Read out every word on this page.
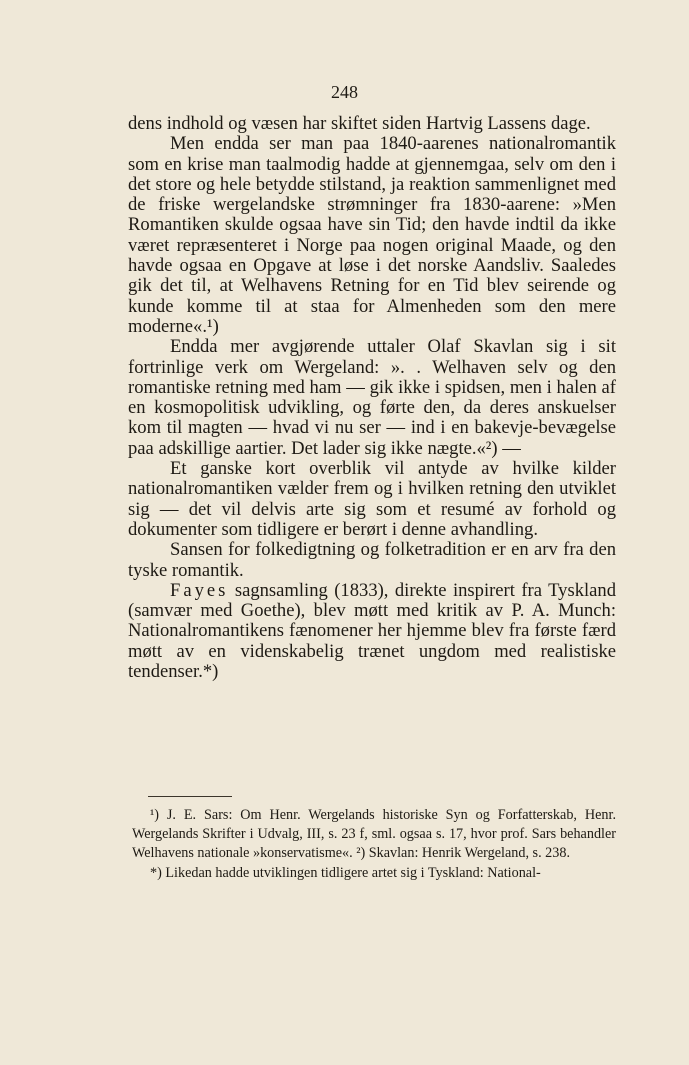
248

dens indhold og væsen har skiftet siden Hartvig Lassens dage.

Men endda ser man paa 1840-aarenes nationalromantik som en krise man taalmodig hadde at gjennemgaa, selv om den i det store og hele betydde stilstand, ja reaktion sammenlignet med de friske wergelandske strømninger fra 1830-aarene: »Men Romantiken skulde ogsaa have sin Tid; den havde indtil da ikke været repræsenteret i Norge paa nogen original Maade, og den havde ogsaa en Opgave at løse i det norske Aandsliv. Saaledes gik det til, at Welhavens Retning for en Tid blev seirende og kunde komme til at staa for Almenheden som den mere moderne«.¹)

Endda mer avgjørende uttaler Olaf Skavlan sig i sit fortrinlige verk om Wergeland: ». . Welhaven selv og den romantiske retning med ham — gik ikke i spidsen, men i halen af en kosmopolitisk udvikling, og førte den, da deres anskuelser kom til magten — hvad vi nu ser — ind i en bakevje-bevægelse paa adskillige aartier. Det lader sig ikke nægte.«²) —

Et ganske kort overblik vil antyde av hvilke kilder nationalromantiken vælder frem og i hvilken retning den utviklet sig — det vil delvis arte sig som et resumé av forhold og dokumenter som tidligere er berørt i denne avhandling.

Sansen for folkedigtning og folketradition er en arv fra den tyske romantik.

Fayes sagnsamling (1833), direkte inspirert fra Tyskland (samvær med Goethe), blev møtt med kritik av P. A. Munch: Nationalromantikens fænomener her hjemme blev fra første færd møtt av en videnskabelig trænet ungdom med realistiske tendenser.*)

¹) J. E. Sars: Om Henr. Wergelands historiske Syn og Forfatterskab, Henr. Wergelands Skrifter i Udvalg, III, s. 23 f, sml. ogsaa s. 17, hvor prof. Sars behandler Welhavens nationale »konservatisme«. ²) Skavlan: Henrik Wergeland, s. 238.

*) Likedan hadde utviklingen tidligere artet sig i Tyskland: National-
